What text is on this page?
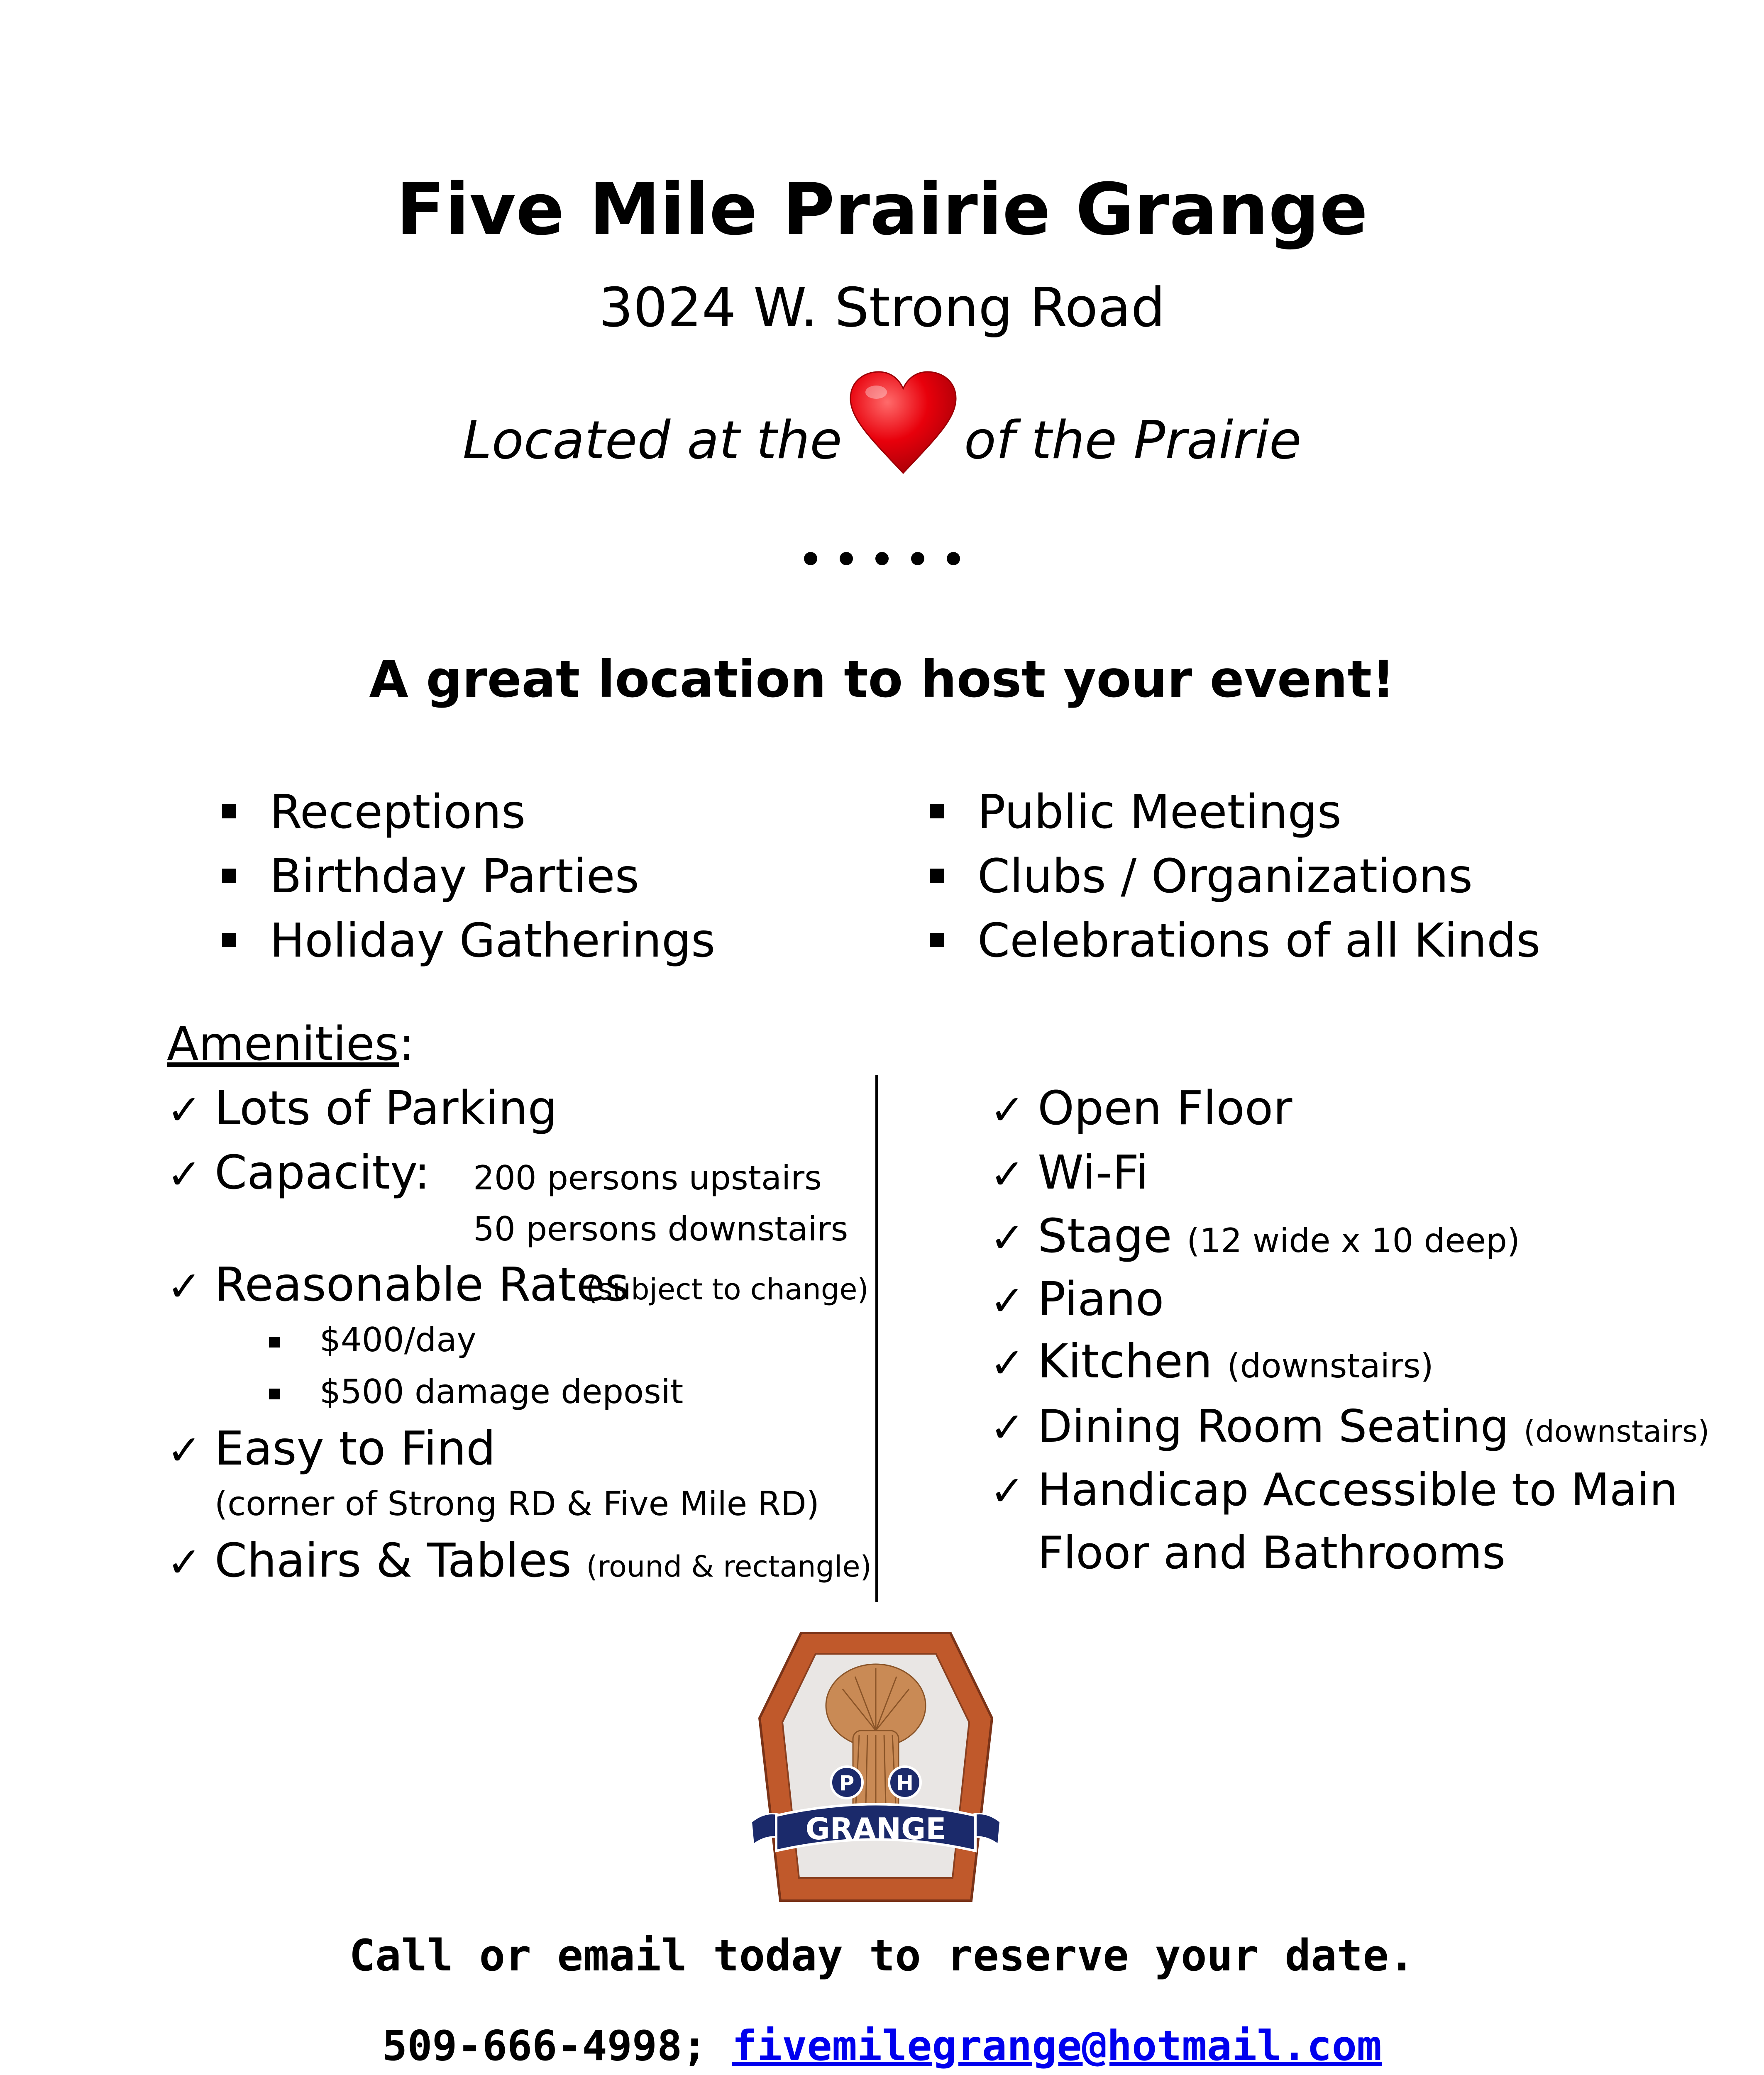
Five Mile Prairie Grange
3024 W. Strong Road
Located at the of the Prairie
A great location to host your event!
Receptions
Birthday Parties
Holiday Gatherings
Public Meetings
Clubs / Organizations
Celebrations of all Kinds
Amenities:
✓ Lots of Parking
✓ Capacity: 200 persons upstairs
50 persons downstairs
✓ Reasonable Rates
(subject to change)
$400/day
$500 damage deposit
✓ Easy to Find
(corner of Strong RD & Five Mile RD)
✓ Chairs & Tables (round & rectangle)
✓ Open Floor
✓ Wi-Fi
✓ Stage (12 wide x 10 deep)
✓ Piano
✓ Kitchen (downstairs)
✓ Dining Room Seating (downstairs)
✓ Handicap Accessible to Main
Floor and Bathrooms
P H
GRANGE
Call or email today to reserve your date.
509-666-4998; fivemilegrange@hotmail.com
